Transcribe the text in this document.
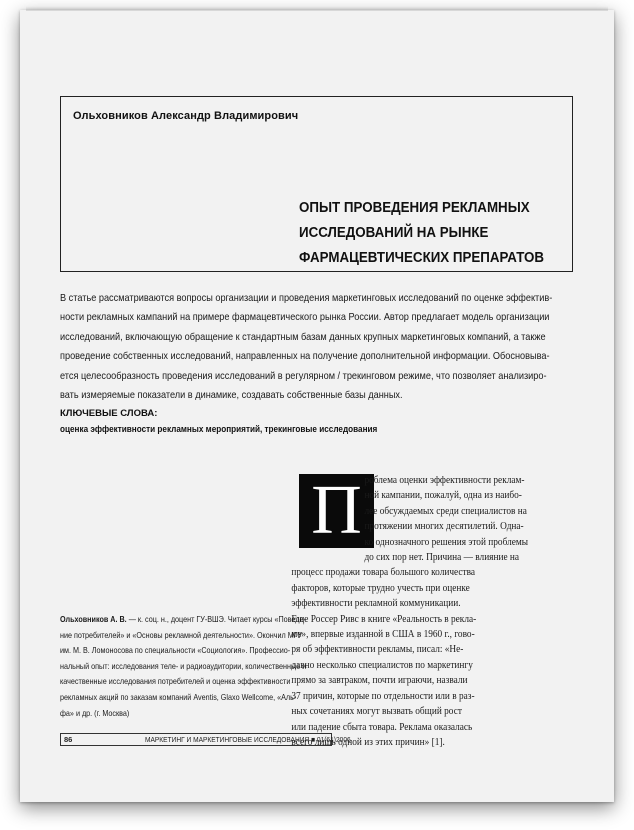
Ольховников Александр Владимирович
ОПЫТ ПРОВЕДЕНИЯ РЕКЛАМНЫХ
ИССЛЕДОВАНИЙ НА РЫНКЕ
ФАРМАЦЕВТИЧЕСКИХ ПРЕПАРАТОВ
В статье рассматриваются вопросы организации и проведения маркетинговых исследований по оценке эффектив-
ности рекламных кампаний на примере фармацевтического рынка России. Автор предлагает модель организации
исследований, включающую обращение к стандартным базам данных крупных маркетинговых компаний, а также
проведение собственных исследований, направленных на получение дополнительной информации. Обосновыва-
ется целесообразность проведения исследований в регулярном / трекинговом режиме, что позволяет анализиро-
вать измеряемые показатели в динамике, создавать собственные базы данных.
КЛЮЧЕВЫЕ СЛОВА:
оценка эффективности рекламных мероприятий, трекинговые исследования
П роблема оценки эффективности реклам-
ной кампании, пожалуй, одна из наибо-
лее обсуждаемых среди специалистов на
протяжении многих десятилетий. Одна-
ко однозначного решения этой проблемы
до сих пор нет. Причина — влияние на
процесс продажи товара большого количества
факторов, которые трудно учесть при оценке
эффективности рекламной коммуникации.
Еще Россер Ривс в книге «Реальность в рекла-
ме», впервые изданной в США в 1960 г., гово-
ря об эффективности рекламы, писал: «Не-
давно несколько специалистов по маркетингу
прямо за завтраком, почти играючи, назвали
37 причин, которые по отдельности или в раз-
ных сочетаниях могут вызвать общий рост
или падение сбыта товара. Реклама оказалась
всего лишь одной из этих причин» [1].
Ольховников А. В. — к. соц. н., доцент ГУ-ВШЭ. Читает курсы «Поведе-
ние потребителей» и «Основы рекламной деятельности». Окончил МГУ
им. М. В. Ломоносова по специальности «Социология». Профессио-
нальный опыт: исследования теле- и радиоаудитории, количественные и
качественные исследования потребителей и оценка эффективности
рекламных акций по заказам компаний Aventis, Glaxo Wellcome, «Аль-
фа» и др. (г. Москва)
86	МАРКЕТИНГ И МАРКЕТИНГОВЫЕ ИССЛЕДОВАНИЯ ■ 01(61)2006
